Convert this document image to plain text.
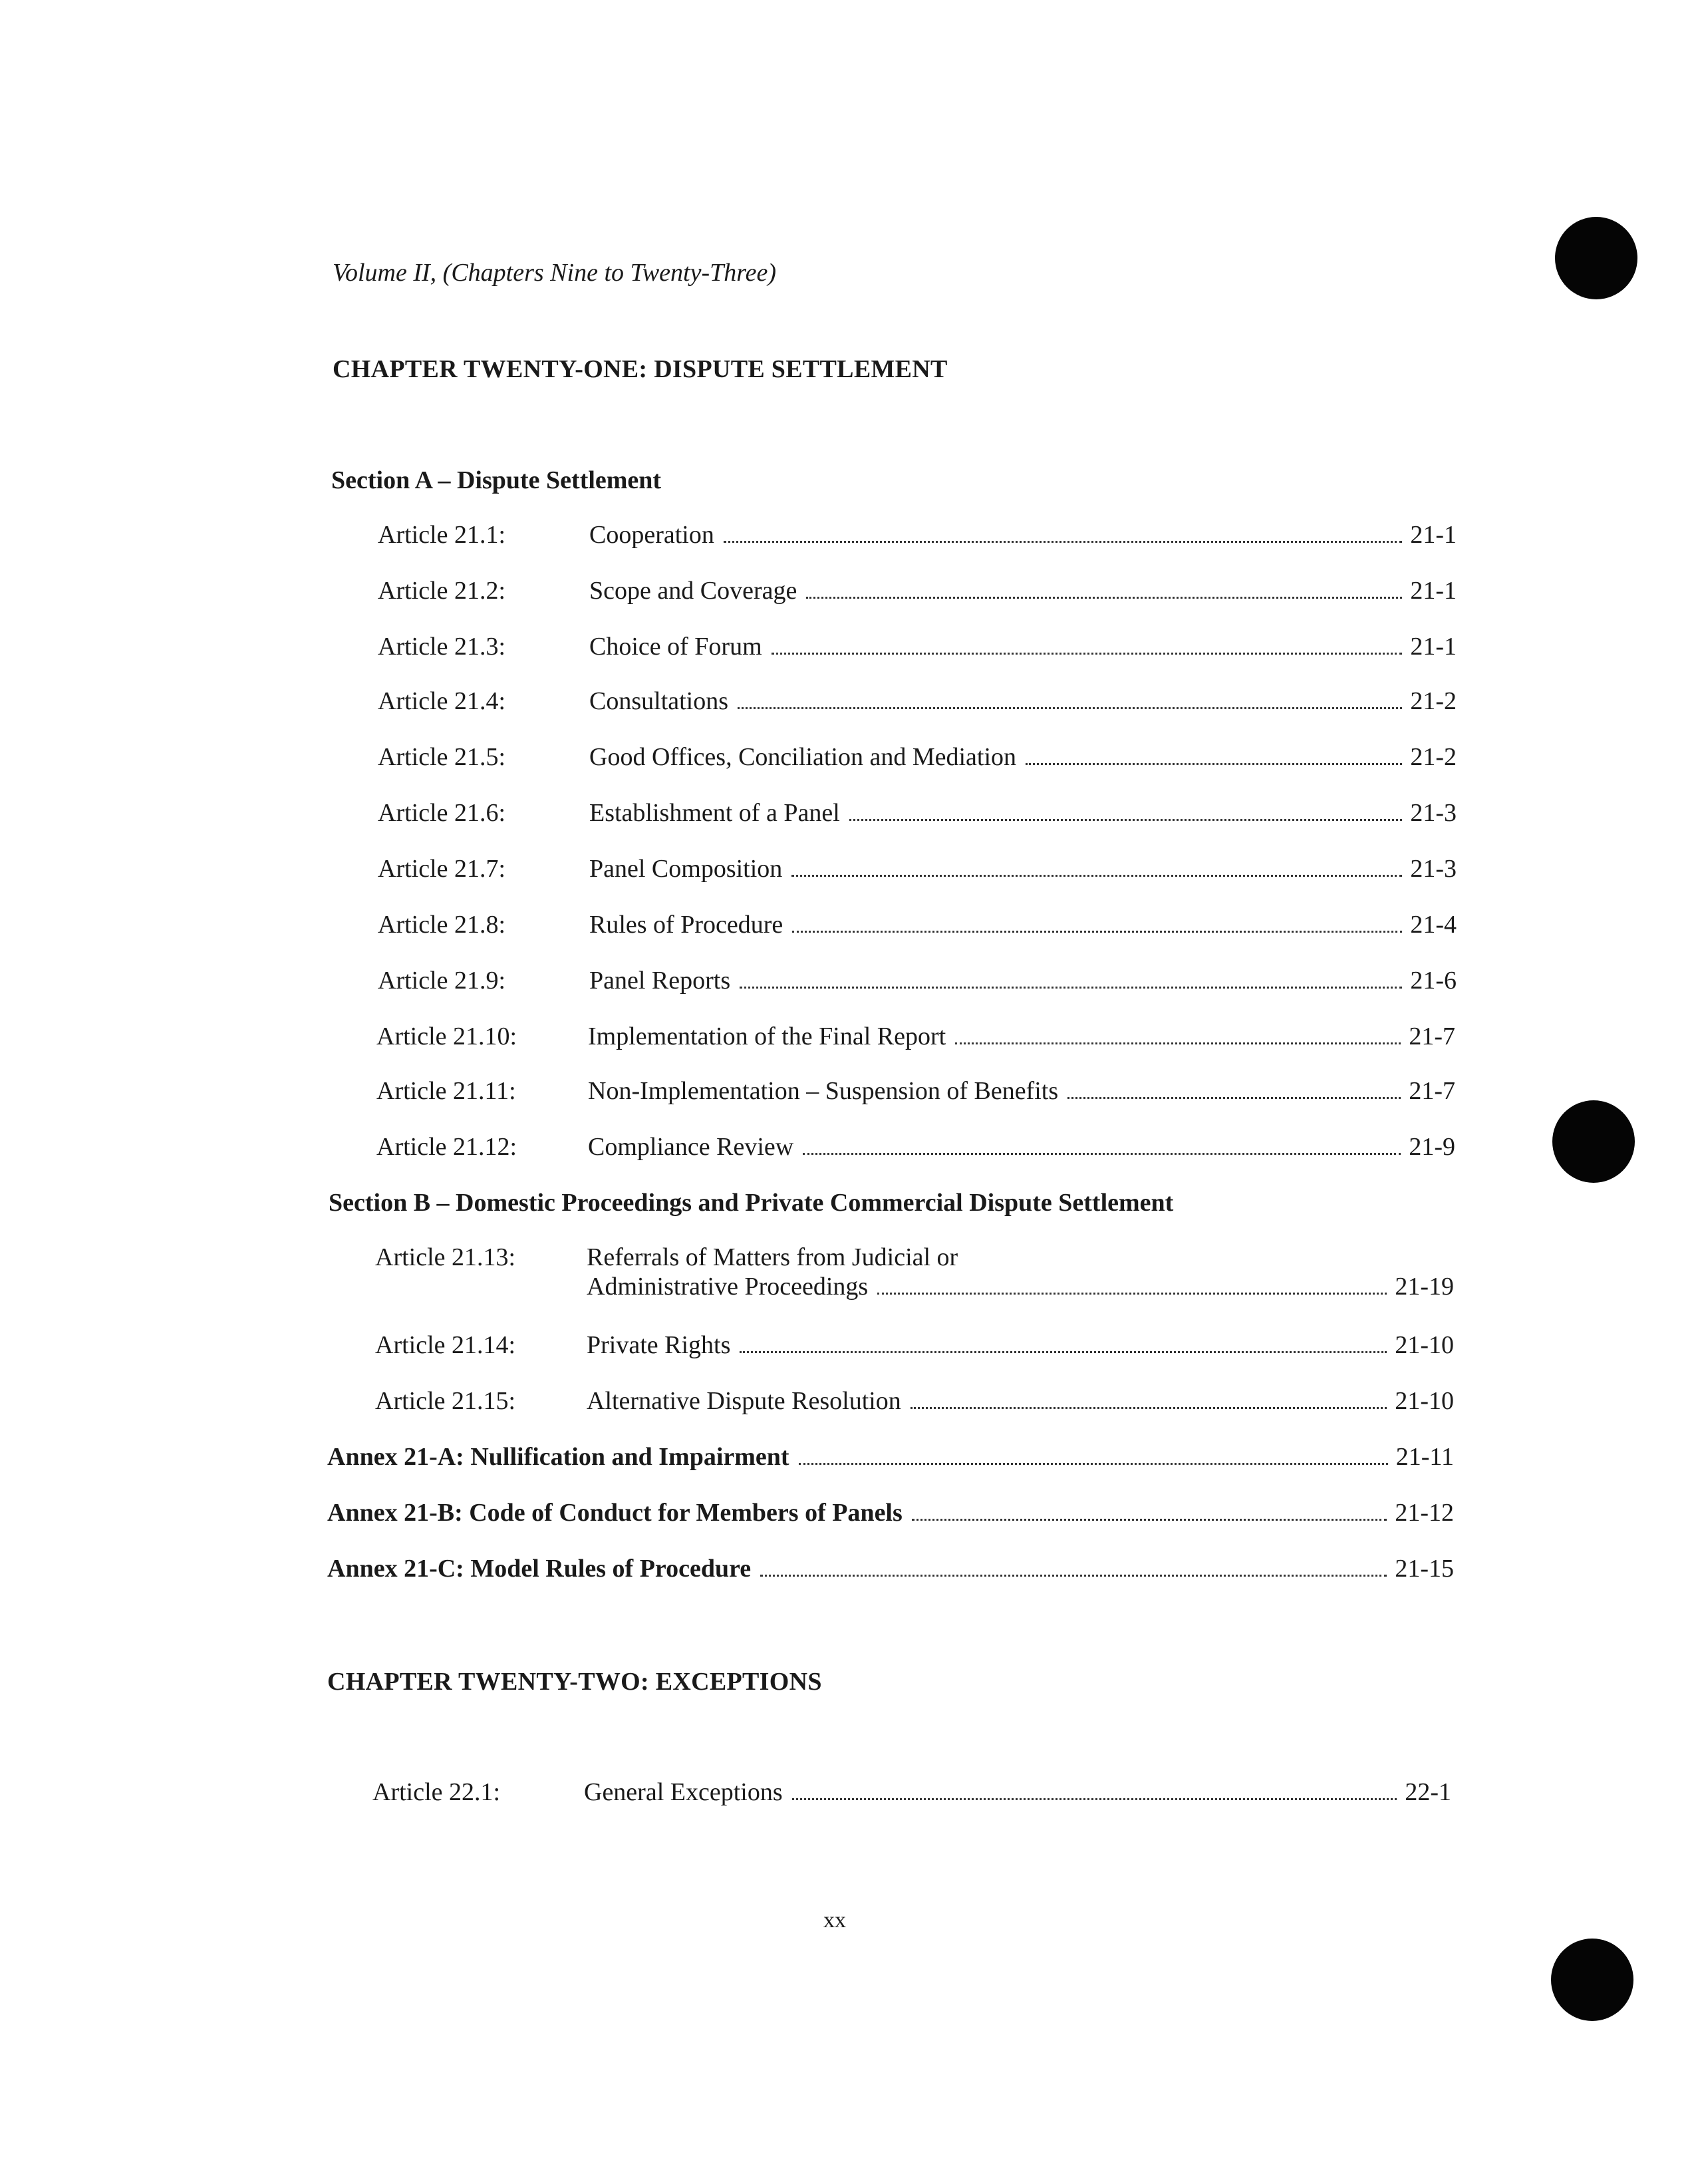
Volume II, (Chapters Nine to Twenty-Three)
CHAPTER TWENTY-ONE: DISPUTE SETTLEMENT
Section A – Dispute Settlement
Article 21.1:	Cooperation	21-1
Article 21.2:	Scope and Coverage	21-1
Article 21.3:	Choice of Forum	21-1
Article 21.4:	Consultations	21-2
Article 21.5:	Good Offices, Conciliation and Mediation	21-2
Article 21.6:	Establishment of a Panel	21-3
Article 21.7:	Panel Composition	21-3
Article 21.8:	Rules of Procedure	21-4
Article 21.9:	Panel Reports	21-6
Article 21.10:	Implementation of the Final Report	21-7
Article 21.11:	Non-Implementation – Suspension of Benefits	21-7
Article 21.12:	Compliance Review	21-9
Section B – Domestic Proceedings and Private Commercial Dispute Settlement
Article 21.13:	Referrals of Matters from Judicial or
Administrative Proceedings	21-19
Article 21.14:	Private Rights	21-10
Article 21.15:	Alternative Dispute Resolution	21-10
Annex 21-A: Nullification and Impairment	21-11
Annex 21-B: Code of Conduct for Members of Panels	21-12
Annex 21-C: Model Rules of Procedure	21-15
CHAPTER TWENTY-TWO: EXCEPTIONS
Article 22.1:	General Exceptions	22-1
xx
